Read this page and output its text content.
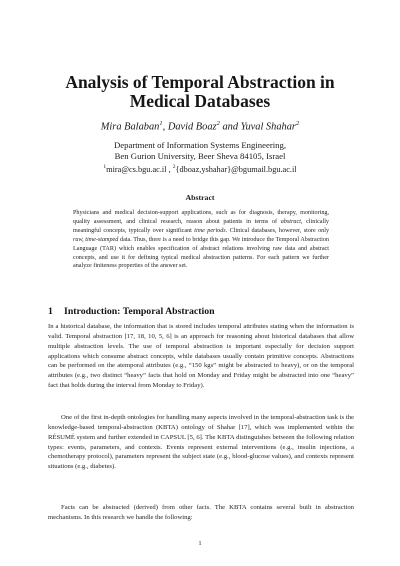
Analysis of Temporal Abstraction in
Medical Databases
Mira Balaban$^1$, David Boaz$^2$ and Yuval Shahar$^2$
Department of Information Systems Engineering,
Ben Gurion University, Beer Sheva 84105, Israel
$^1$mira@cs.bgu.ac.il , $^2${dboaz,yshahar}@bgumail.bgu.ac.il
Abstract

Physicians and medical decision-support applications, such as for diagnosis, therapy, monitoring, quality assessment, and clinical research, reason about patients in terms of abstract, clinically meaningful concepts, typically over significant time periods. Clinical databases, however, store only raw, time-stamped data. Thus, there is a need to bridge this gap. We introduce the Temporal Abstraction Language (TAR) which enables specification of abstract relations involving raw data and abstract concepts, and use it for defining typical medical abstraction patterns. For each pattern we further analyze finiteness properties of the answer set.

1 Introduction: Temporal Abstraction

In a historical database, the information that is stored includes temporal attributes stating when the information is valid. Temporal abstraction [17, 18, 10, 5, 6] is an approach for reasoning about historical databases that allow multiple abstraction levels. The use of temporal abstraction is important especially for decision support applications which consume abstract concepts, while databases usually contain primitive concepts. Abstractions can be performed on the atemporal attributes (e.g., “150 kgs” might be abstracted to heavy), or on the temporal attributes (e.g., two distinct “heavy” facts that hold on Monday and Friday might be abstracted into one “heavy” fact that holds during the interval from Monday to Friday).

One of the first in-depth ontologies for handling many aspects involved in the temporal-abstraction task is the knowledge-based temporal-abstraction (KBTA) ontology of Shahar [17], which was implemented within the RÉSUMÉ system and further extended in CAPSUL [5, 6]. The KBTA distinguishes between the following relation types: events, parameters, and contexts. Events represent external interventions (e.g., insulin injections, a chemotherapy protocol), parameters represent the subject state (e.g., blood-glucose values), and contexts represent situations (e.g., diabetes).

Facts can be abstracted (derived) from other facts. The KBTA contains several built in abstraction mechanisms. In this research we handle the following:

1
